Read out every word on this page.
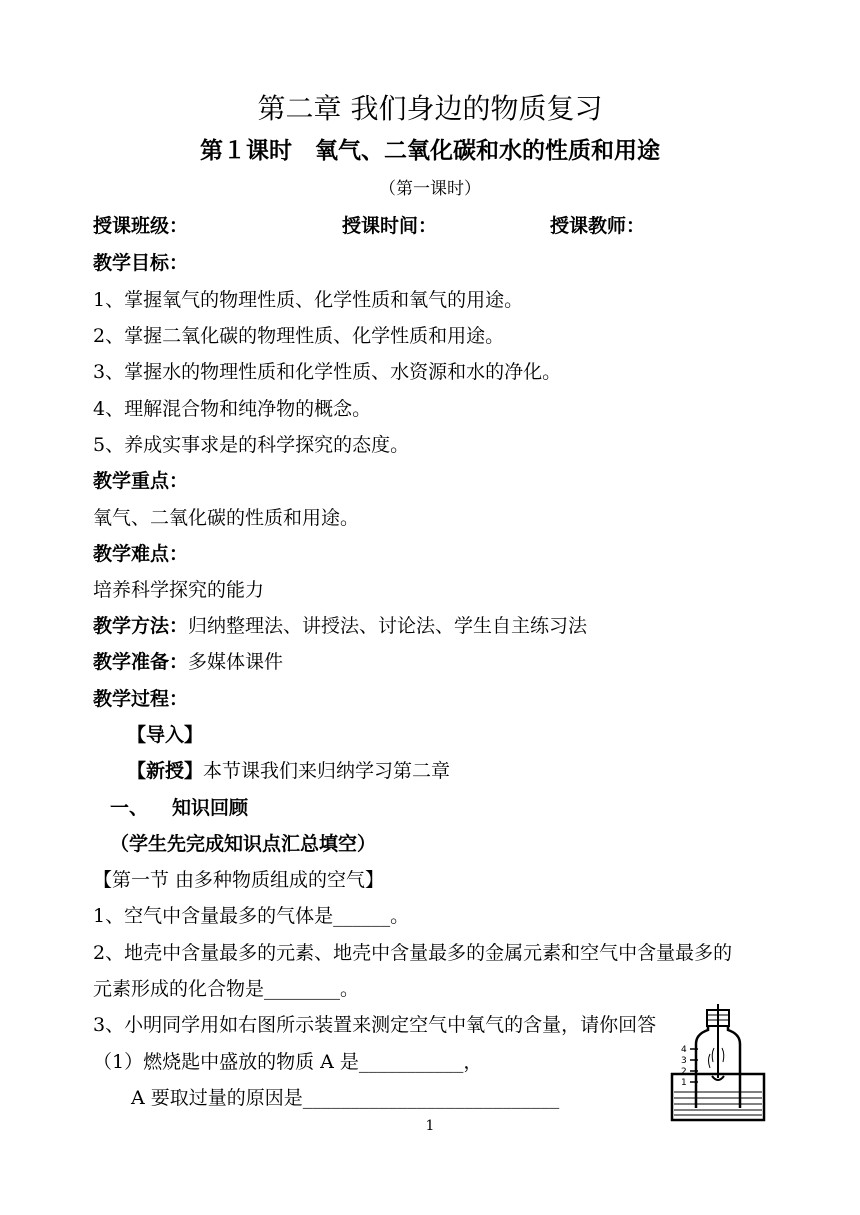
第二章 我们身边的物质复习
第１课时　氧气、二氧化碳和水的性质和用途
（第一课时）
授课班级：	授课时间：	授课教师：
教学目标：
1、掌握氧气的物理性质、化学性质和氧气的用途。
2、掌握二氧化碳的物理性质、化学性质和用途。
3、掌握水的物理性质和化学性质、水资源和水的净化。
4、理解混合物和纯净物的概念。
5、养成实事求是的科学探究的态度。
教学重点：
氧气、二氧化碳的性质和用途。
教学难点：
培养科学探究的能力
教学方法：归纳整理法、讲授法、讨论法、学生自主练习法
教学准备：多媒体课件
教学过程：
【导入】
【新授】本节课我们来归纳学习第二章
一、 知识回顾
（学生先完成知识点汇总填空）
【第一节 由多种物质组成的空气】
1、空气中含量最多的气体是______。
2、地壳中含量最多的元素、地壳中含量最多的金属元素和空气中含量最多的
元素形成的化合物是________。
3、小明同学用如右图所示装置来测定空气中氧气的含量，请你回答
（1）燃烧匙中盛放的物质 A 是___________，
A 要取过量的原因是___________________________
4
3
2
1
1
